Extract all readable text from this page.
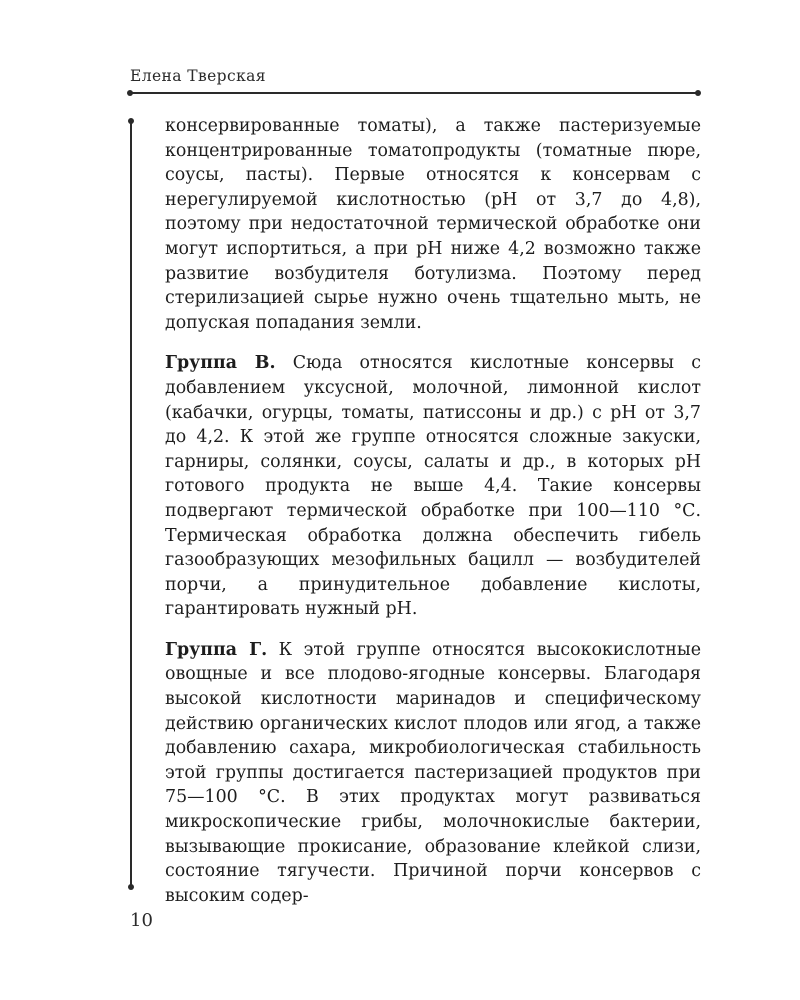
Елена Тверская

консервированные томаты), а также пастеризуемые концентрированные томатопродукты (томатные пюре, соусы, пасты). Первые относятся к консервам с нерегулируемой кислотностью (рН от 3,7 до 4,8), поэтому при недостаточной термической обработке они могут испортиться, а при рН ниже 4,2 возможно также развитие возбудителя ботулизма. Поэтому перед стерилизацией сырье нужно очень тщательно мыть, не допуская попадания земли.

Группа В. Сюда относятся кислотные консервы с добавлением уксусной, молочной, лимонной кислот (кабачки, огурцы, томаты, патиссоны и др.) с рН от 3,7 до 4,2. К этой же группе относятся сложные закуски, гарниры, солянки, соусы, салаты и др., в которых рН готового продукта не выше 4,4. Такие консервы подвергают термической обработке при 100—110 °С. Термическая обработка должна обеспечить гибель газообразующих мезофильных бацилл — возбудителей порчи, а принудительное добавление кислоты, гарантировать нужный рН.

Группа Г. К этой группе относятся высококислотные овощные и все плодово-ягодные консервы. Благодаря высокой кислотности маринадов и специфическому действию органических кислот плодов или ягод, а также добавлению сахара, микробиологическая стабильность этой группы достигается пастеризацией продуктов при 75—100 °С. В этих продуктах могут развиваться микроскопические грибы, молочнокислые бактерии, вызывающие прокисание, образование клейкой слизи, состояние тягучести. Причиной порчи консервов с высоким содер-

10
